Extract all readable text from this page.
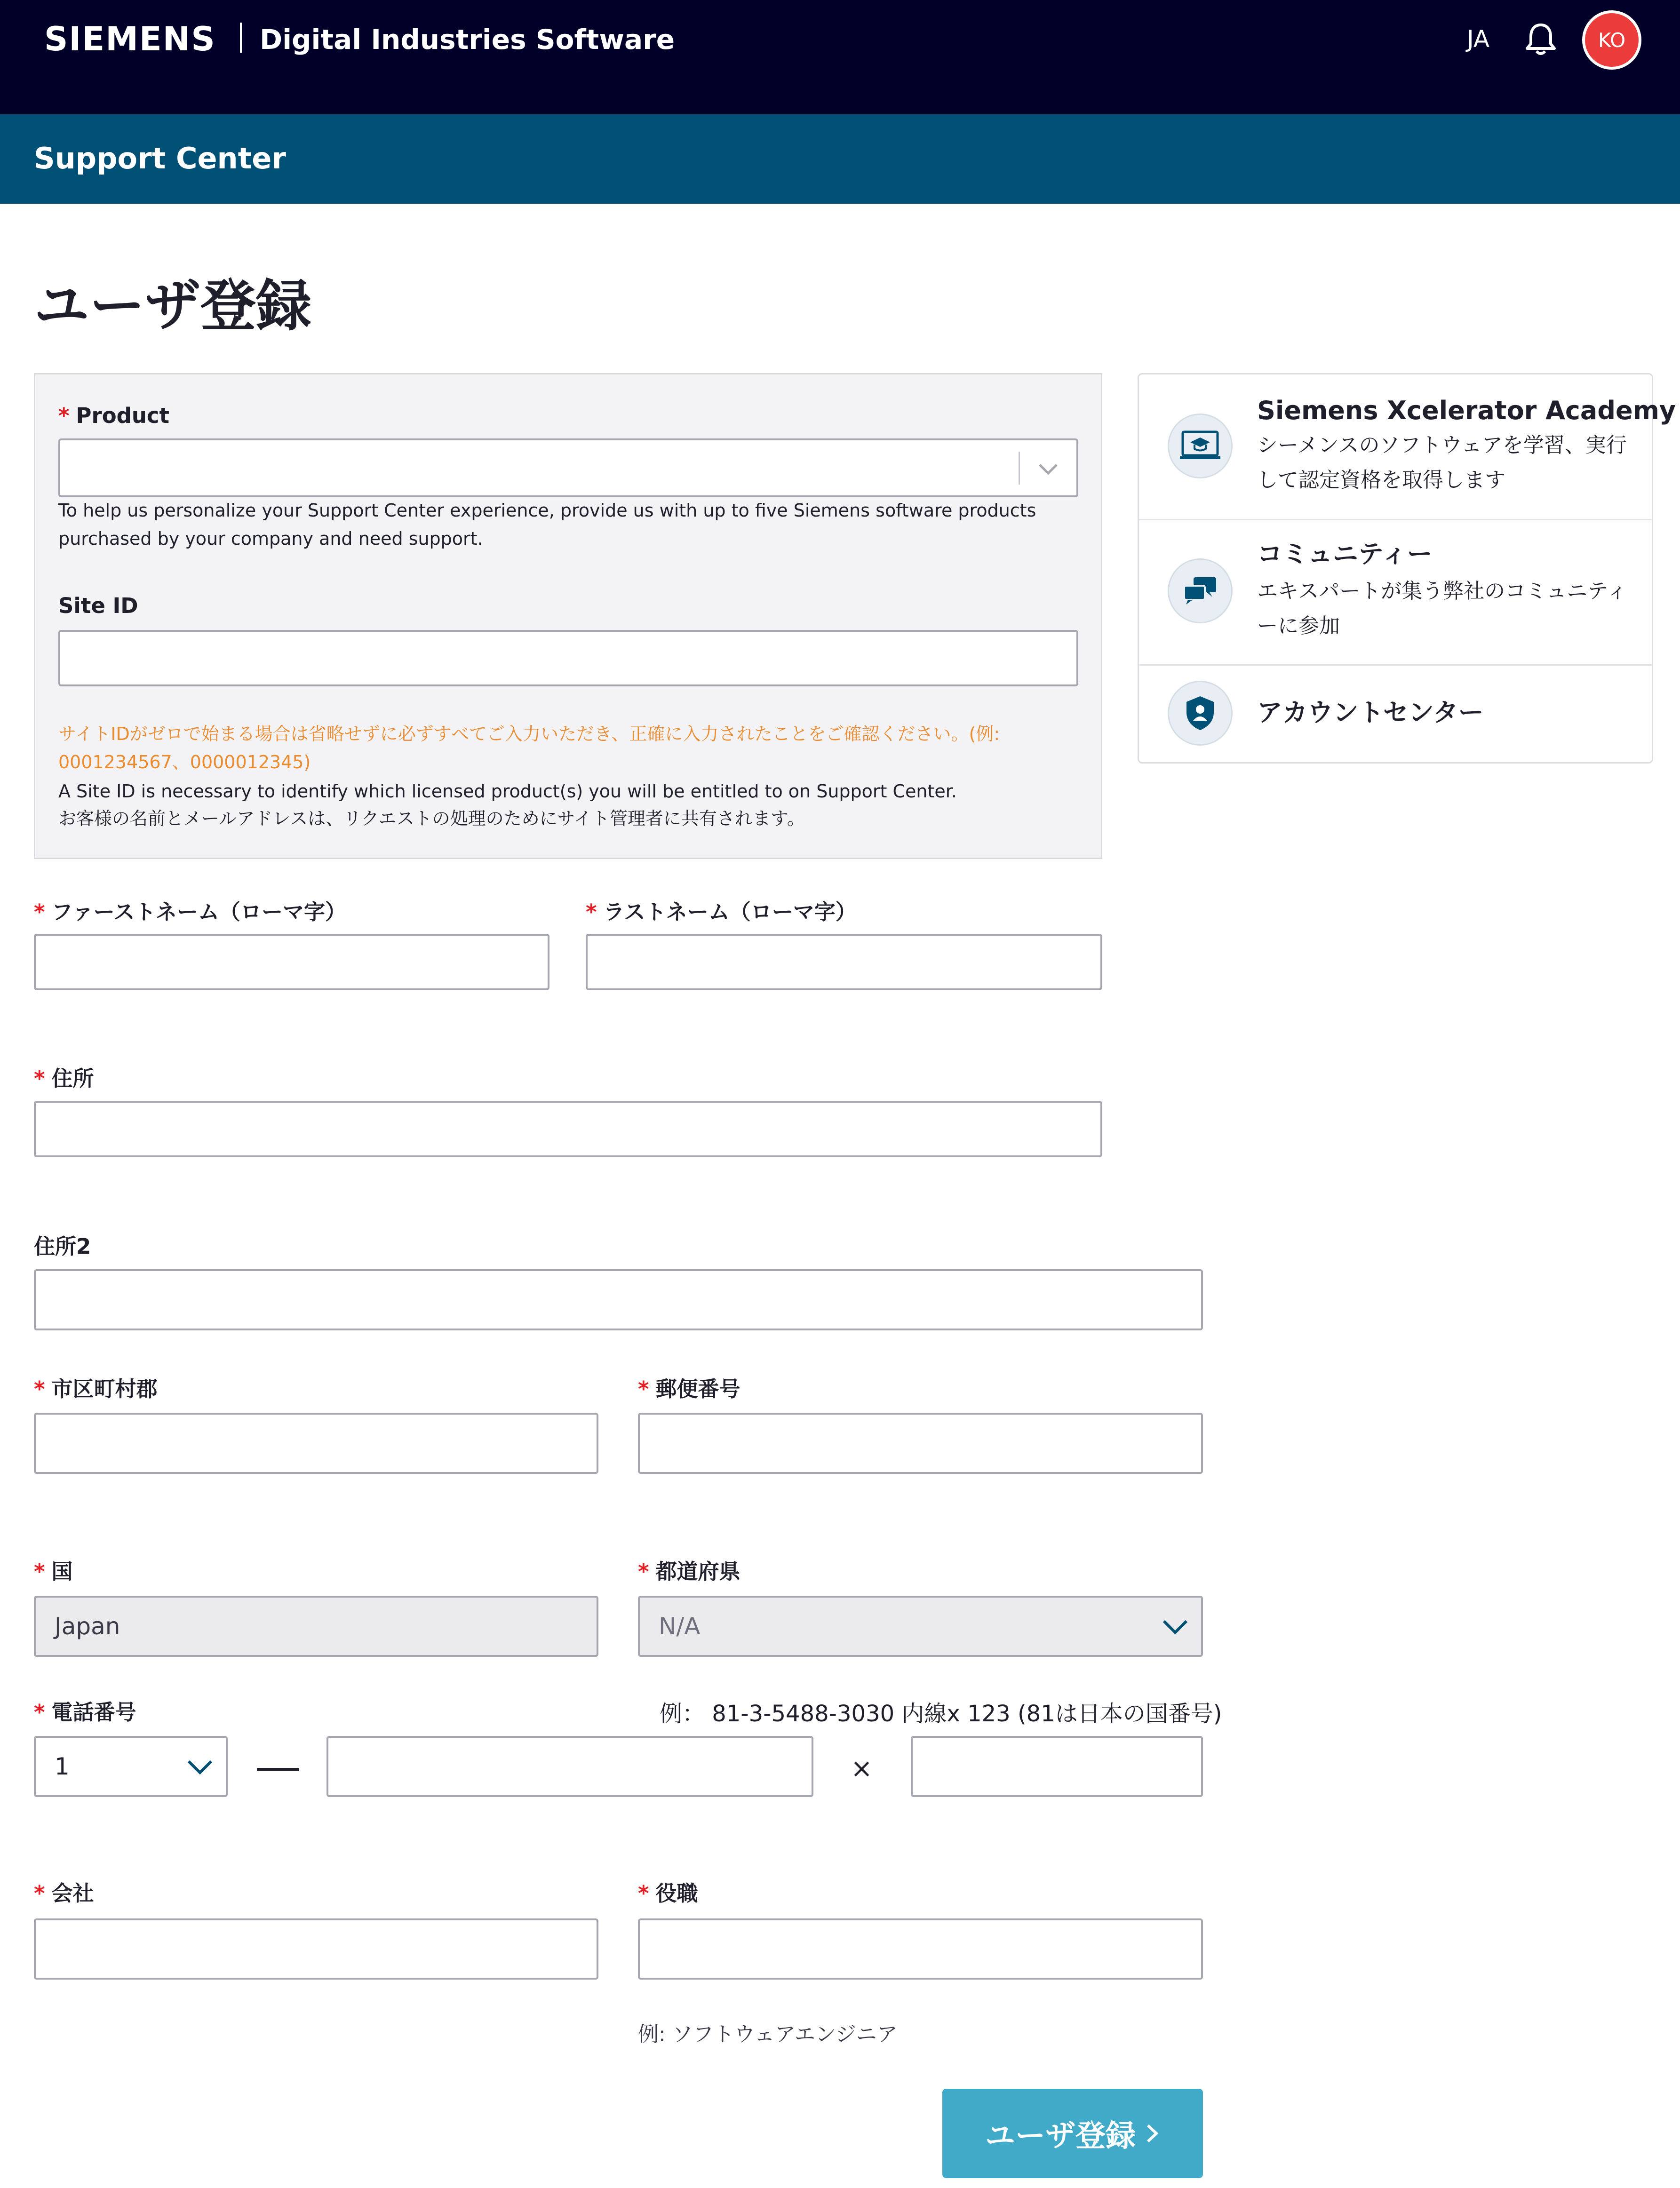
SIEMENS Digital Industries Software	JA	KO
Support Center
ユーザ登録
* Product
To help us personalize your Support Center experience, provide us with up to five Siemens software products purchased by your company and need support.
Site ID
サイトIDがゼロで始まる場合は省略せずに必ずすべてご入力いただき、正確に入力されたことをご確認ください。(例: 0001234567、0000012345)
A Site ID is necessary to identify which licensed product(s) you will be entitled to on Support Center.
お客様の名前とメールアドレスは、リクエストの処理のためにサイト管理者に共有されます。
Siemens Xcelerator Academy
シーメンスのソフトウェアを学習、実行して認定資格を取得します
コミュニティー
エキスパートが集う弊社のコミュニティーに参加
アカウントセンター
* ファーストネーム（ローマ字）	* ラストネーム（ローマ字）
* 住所
住所2
* 市区町村郡	* 郵便番号
* 国
Japan
* 都道府県
N/A
* 電話番号	例： 81-3-5488-3030 内線x 123 (81は日本の国番号)
1	×
* 会社	* 役職
例: ソフトウェアエンジニア
ユーザ登録
